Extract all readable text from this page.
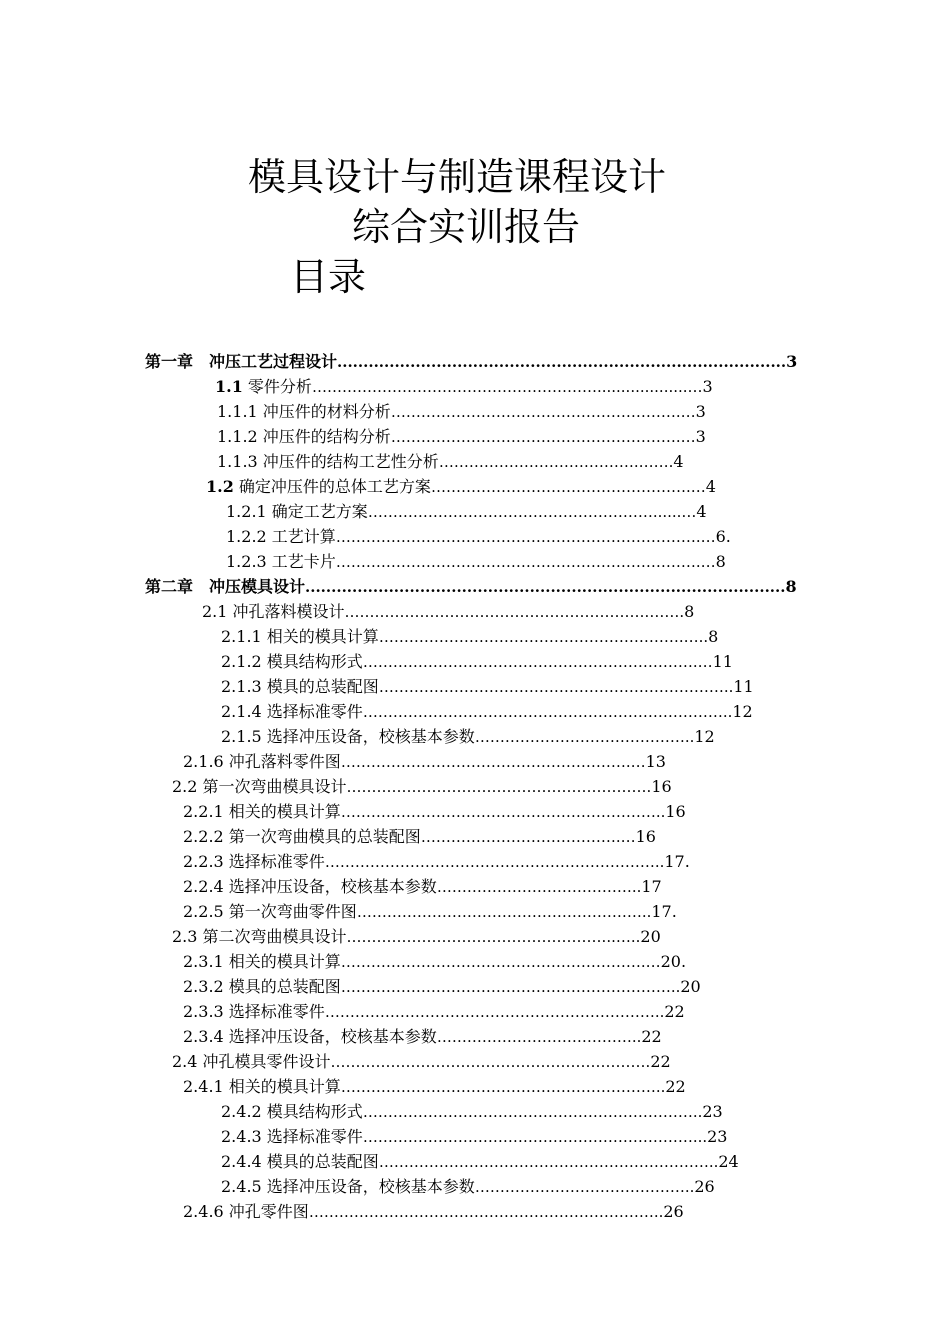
模具设计与制造课程设计
综合实训报告
目录
第一章　冲压工艺过程设计......................................................................................3
1.1 零件分析…………………………………………………...................…3
1.1.1 冲压件的材料分析………………………………………………….…3
1.1.2 冲压件的结构分析………………………………………………….…3
1.1.3 冲压件的结构工艺性分析………………………………….…….4
1.2 确定冲压件的总体工艺方案…………………………………………….…4
1.2.1 确定工艺方案…………………………………………………......…4
1.2.2 工艺计算……………………………………………………………….…6.
1.2.3 工艺卡片……………………………………………………………….…8
第二章　冲压模具设计............................................................................................8
2.1 冲孔落料模设计…………………………………………………….…….8
2.1.1 相关的模具计算…………………………………………………….…..8
2.1.2 模具结构形式………………………………………………………….…11
2.1.3 模具的总装配图……………………………………………………………..11
2.1.4 选择标准零件………………………………………………………………..12
2.1.5 选择冲压设备，校核基本参数……………………………………..12
2.1.6 冲孔落料零件图………………………………………………….…13
2.2 第一次弯曲模具设计…………………………………………………….16
2.2.1 相关的模具计算………………………………………………………..16
2.2.2 第一次弯曲模具的总装配图………………………………….…16
2.2.3 选择标准零件…………………………………………………………..17.
2.2.4 选择冲压设备，校核基本参数…………………………………..17
2.2.5 第一次弯曲零件图…………………………………………………..17.
2.3 第二次弯曲模具设计……………………………………………...…..20
2.3.1 相关的模具计算…………………………………………………….…20.
2.3.2 模具的总装配图…………………………………………………………..20
2.3.3 选择标准零件…………………………………………………………..22
2.3.4 选择冲压设备，校核基本参数…………………………………..22
2.4 冲孔模具零件设计……………………………………………………….22
2.4.1 相关的模具计算………………………………………………………..22
2.4.2 模具结构形式…………………………………………………………..23
2.4.3 选择标准零件…………………………………………………………...23
2.4.4 模具的总装配图…………………………………………………………..24
2.4.5 选择冲压设备，校核基本参数……………………………………..26
2.4.6 冲孔零件图……………………………………………………………..26
